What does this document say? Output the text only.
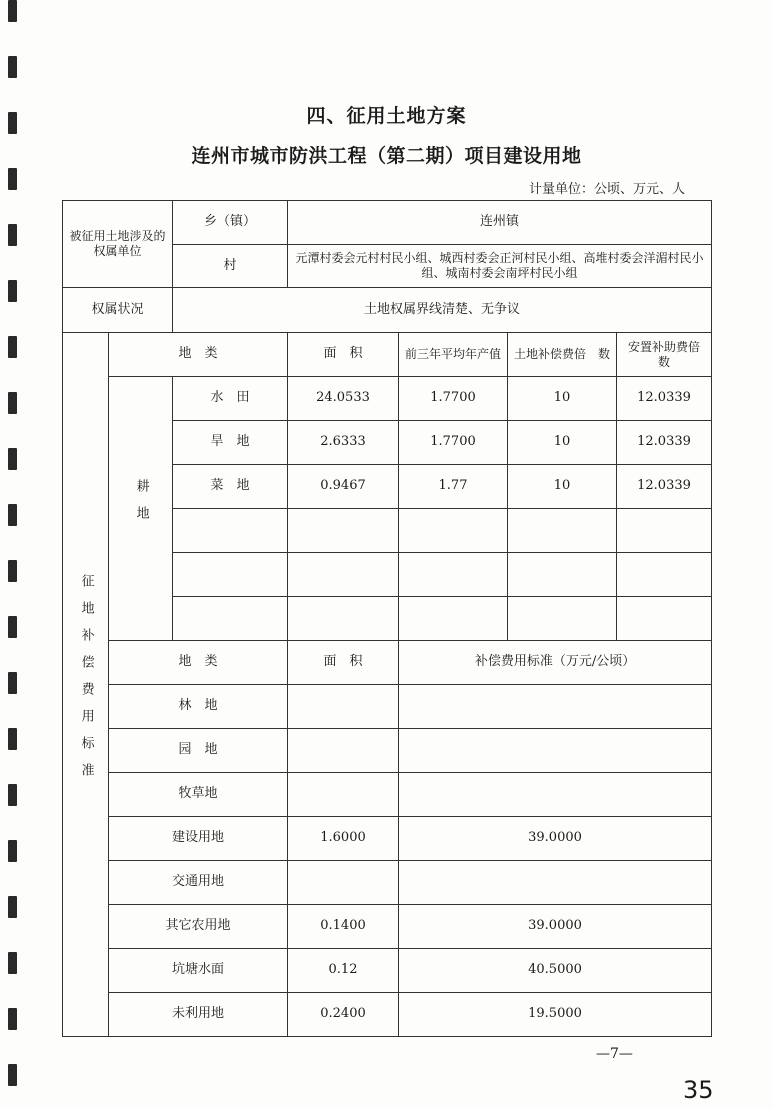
四、征用土地方案
连州市城市防洪工程（第二期）项目建设用地
计量单位：公顷、万元、人
被征用土地涉及的权属单位		乡（镇）	连州镇			
		村	元潭村委会元村村民小组、城西村委会正河村民小组、高堆村委会洋湄村民小组、城南村委会南坪村民小组			
权属状况		土地权属界线清楚、无争议				
征地补偿费用标准	地　类		面　积	前三年平均年产值	土地补偿费倍　数	安置补助费倍　数
	耕地	水　田	24.0533	1.7700	10	12.0339
		旱　地	2.6333	1.7700	10	12.0339
		菜　地	0.9467	1.77	10	12.0339

	地　类		面　积	补偿费用标准（万元/公顷）		
	林　地					
	园　地					
	牧草地					
	建设用地		1.6000	39.0000		
	交通用地					
	其它农用地		0.1400	39.0000		
	坑塘水面		0.12	40.5000		
	未利用地		0.2400	19.5000		
—7—
35
